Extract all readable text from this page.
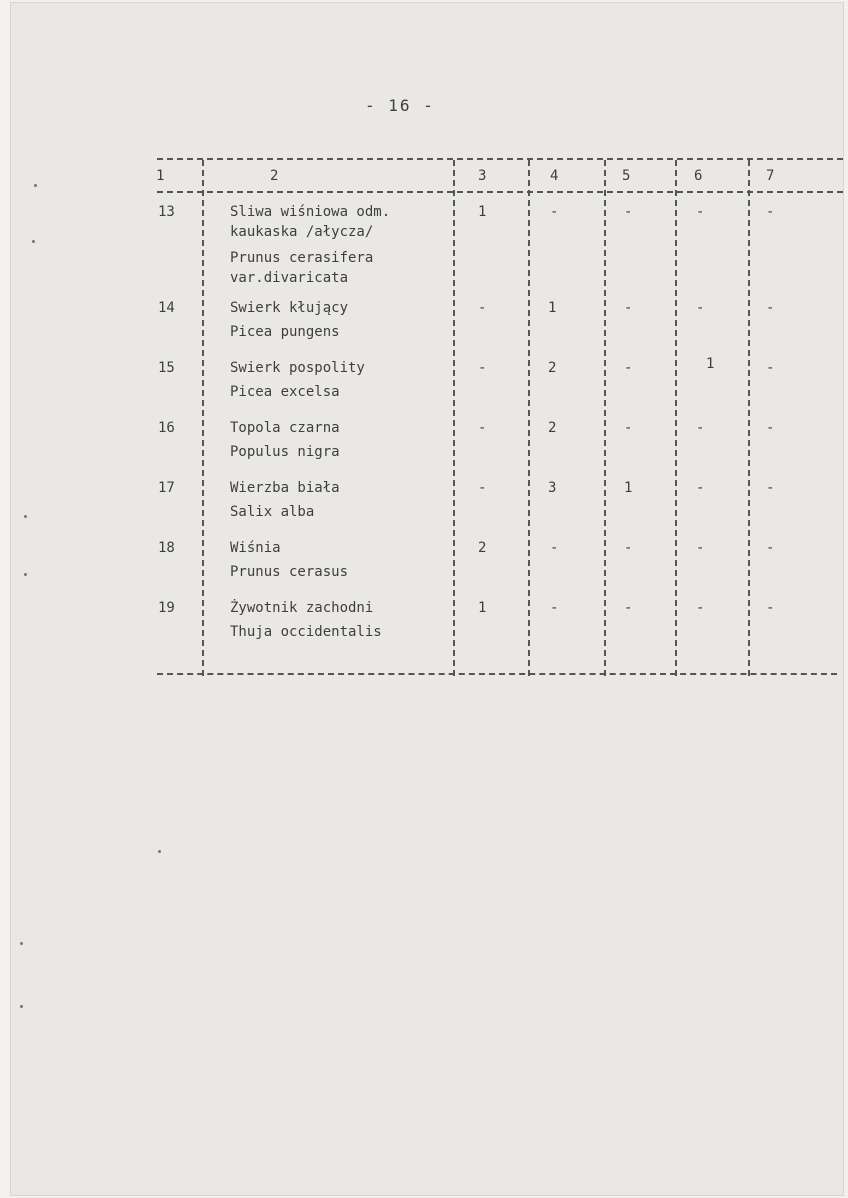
- 16 -
1	2	3	4	5	6	7
13	Sliwa wiśniowa odm.
kaukaska /ałycza/
Prunus cerasifera
var.divaricata
1	-	-	-	-
14	Swierk kłujący
Picea pungens
-	1	-	-	-
15	Swierk pospolity
Picea excelsa
-	2	-	1	-
16	Topola czarna
Populus nigra
-	2	-	-	-
17	Wierzba biała
Salix alba
-	3	1	-	-
18	Wiśnia
Prunus cerasus
2	-	-	-	-
19	Żywotnik zachodni
Thuja occidentalis
1	-	-	-	-
